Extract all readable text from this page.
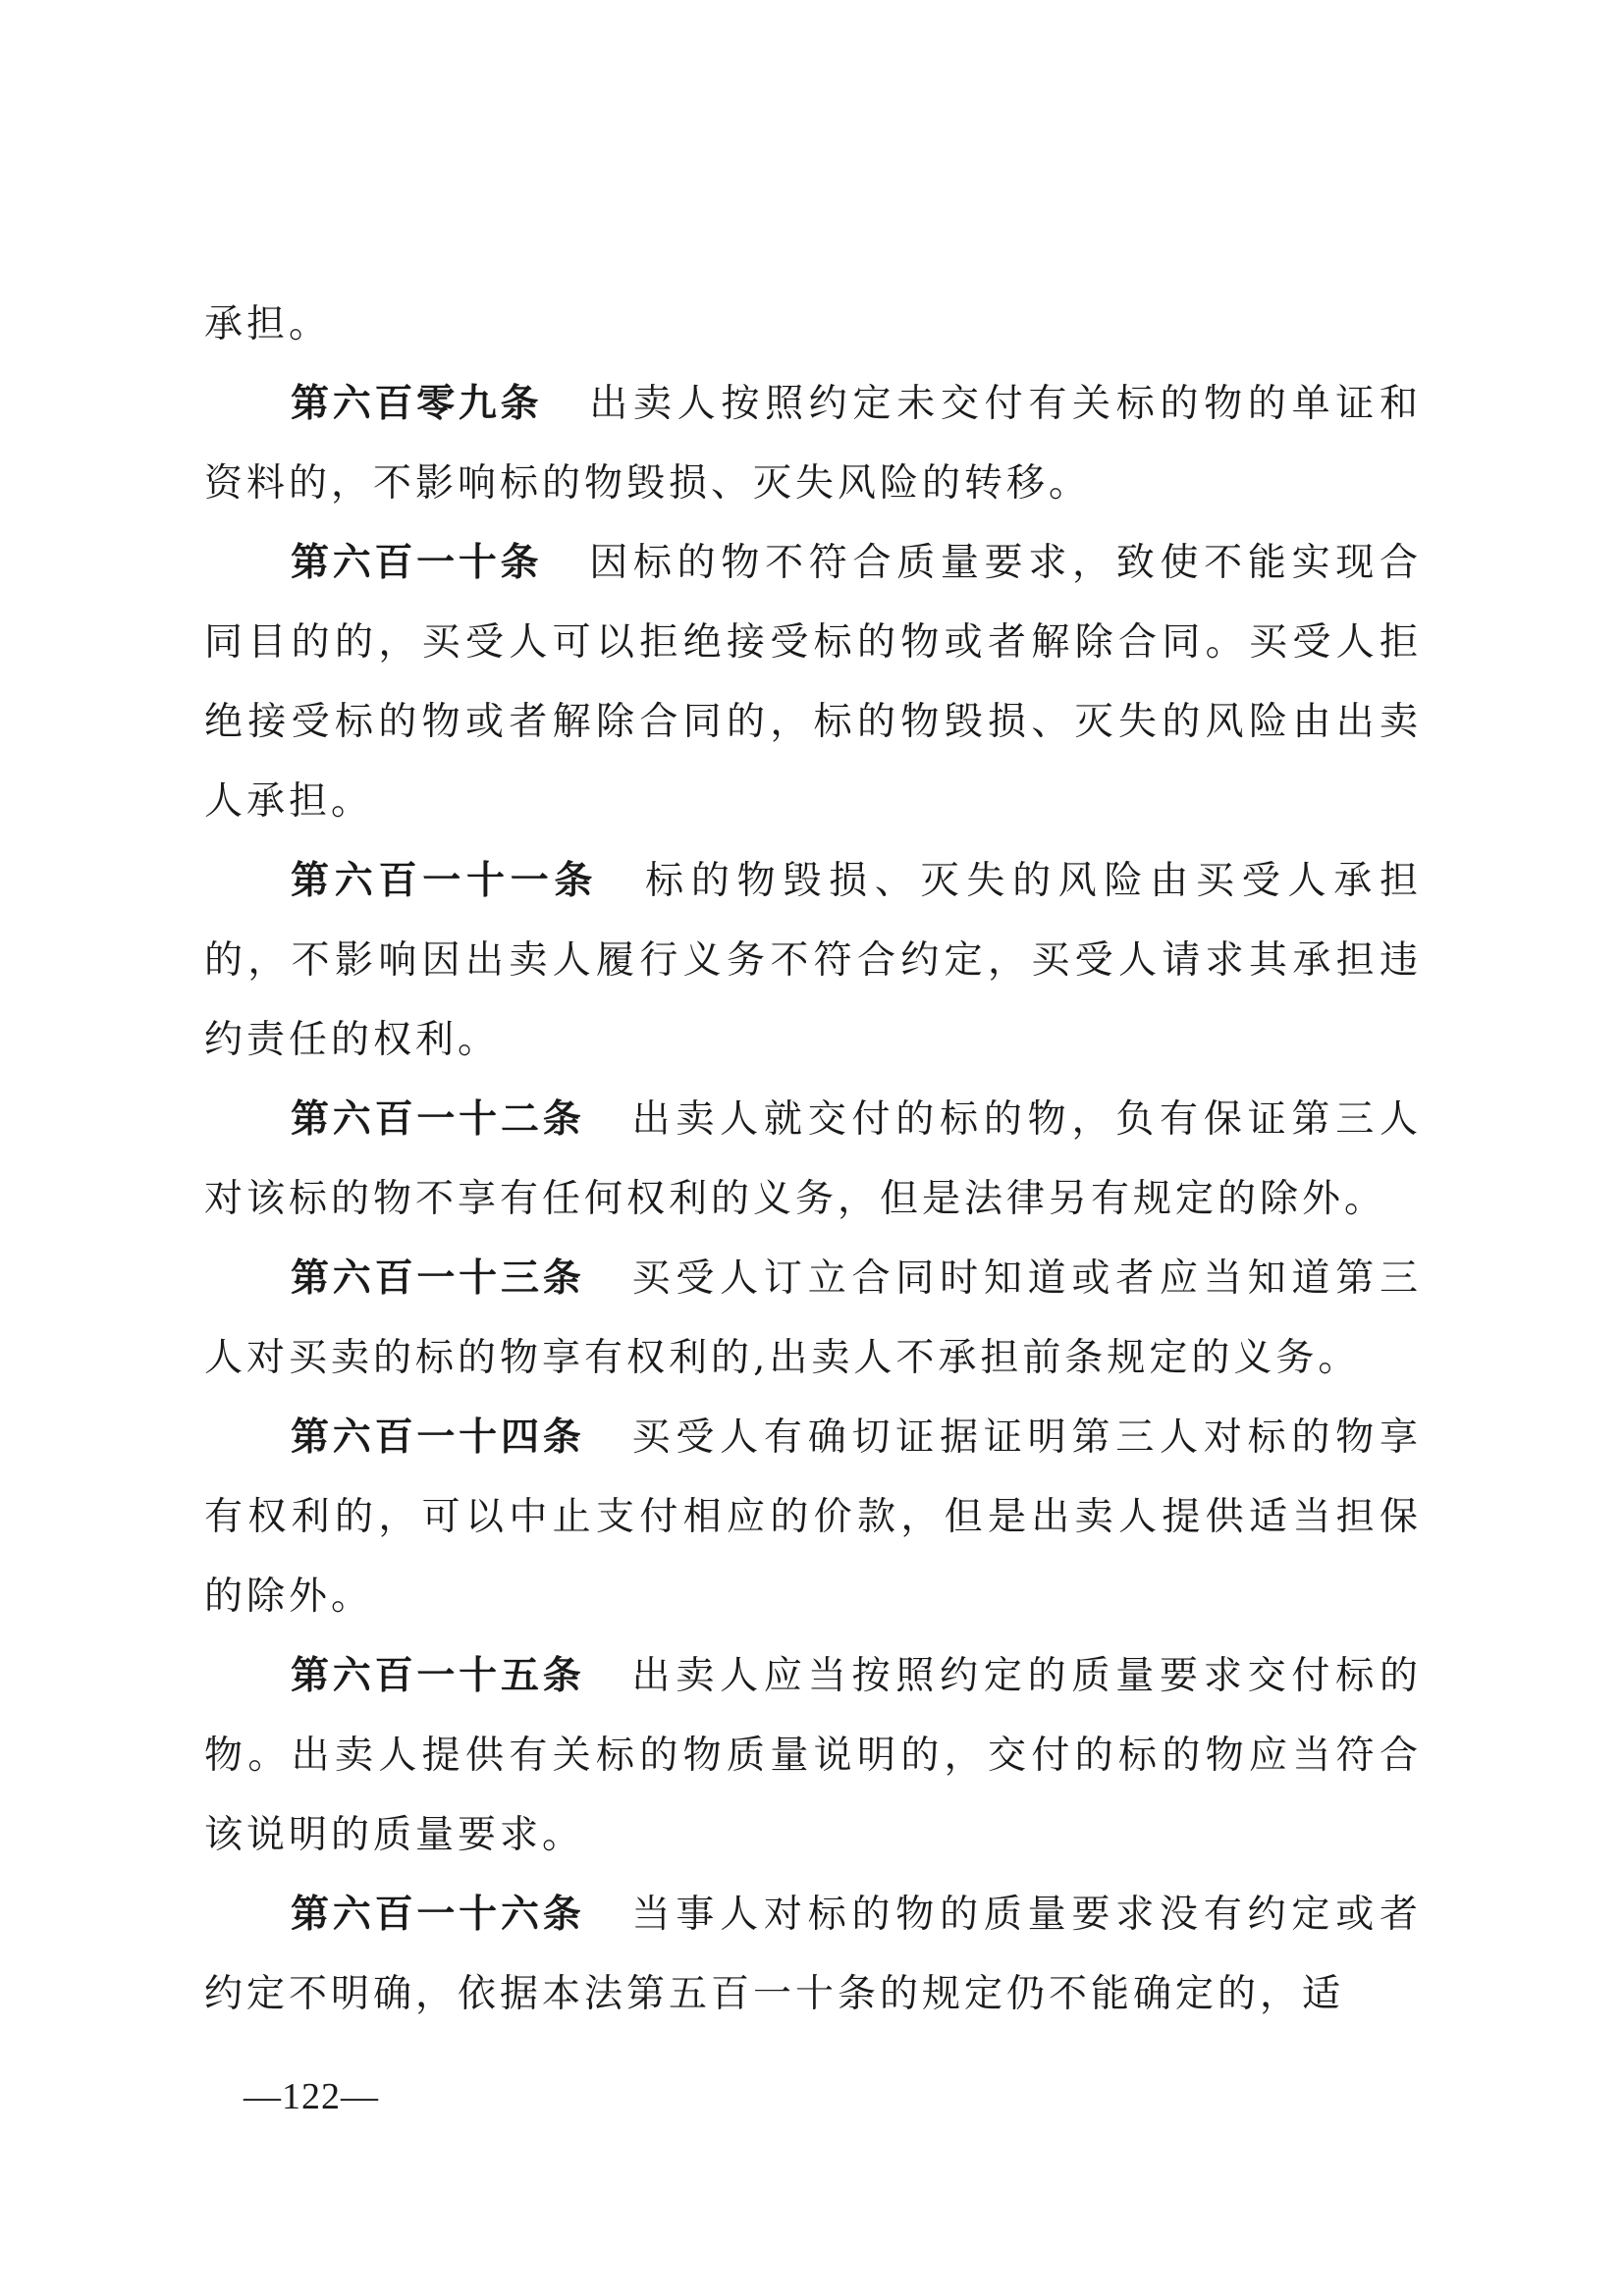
承担。

第六百零九条 出卖人按照约定未交付有关标的物的单证和资料的，不影响标的物毁损、灭失风险的转移。

第六百一十条 因标的物不符合质量要求，致使不能实现合同目的的，买受人可以拒绝接受标的物或者解除合同。买受人拒绝接受标的物或者解除合同的，标的物毁损、灭失的风险由出卖人承担。

第六百一十一条 标的物毁损、灭失的风险由买受人承担的，不影响因出卖人履行义务不符合约定，买受人请求其承担违约责任的权利。

第六百一十二条 出卖人就交付的标的物，负有保证第三人对该标的物不享有任何权利的义务，但是法律另有规定的除外。

第六百一十三条 买受人订立合同时知道或者应当知道第三人对买卖的标的物享有权利的,出卖人不承担前条规定的义务。

第六百一十四条 买受人有确切证据证明第三人对标的物享有权利的，可以中止支付相应的价款，但是出卖人提供适当担保的除外。

第六百一十五条 出卖人应当按照约定的质量要求交付标的物。出卖人提供有关标的物质量说明的，交付的标的物应当符合该说明的质量要求。

第六百一十六条 当事人对标的物的质量要求没有约定或者约定不明确，依据本法第五百一十条的规定仍不能确定的，适

—122—
